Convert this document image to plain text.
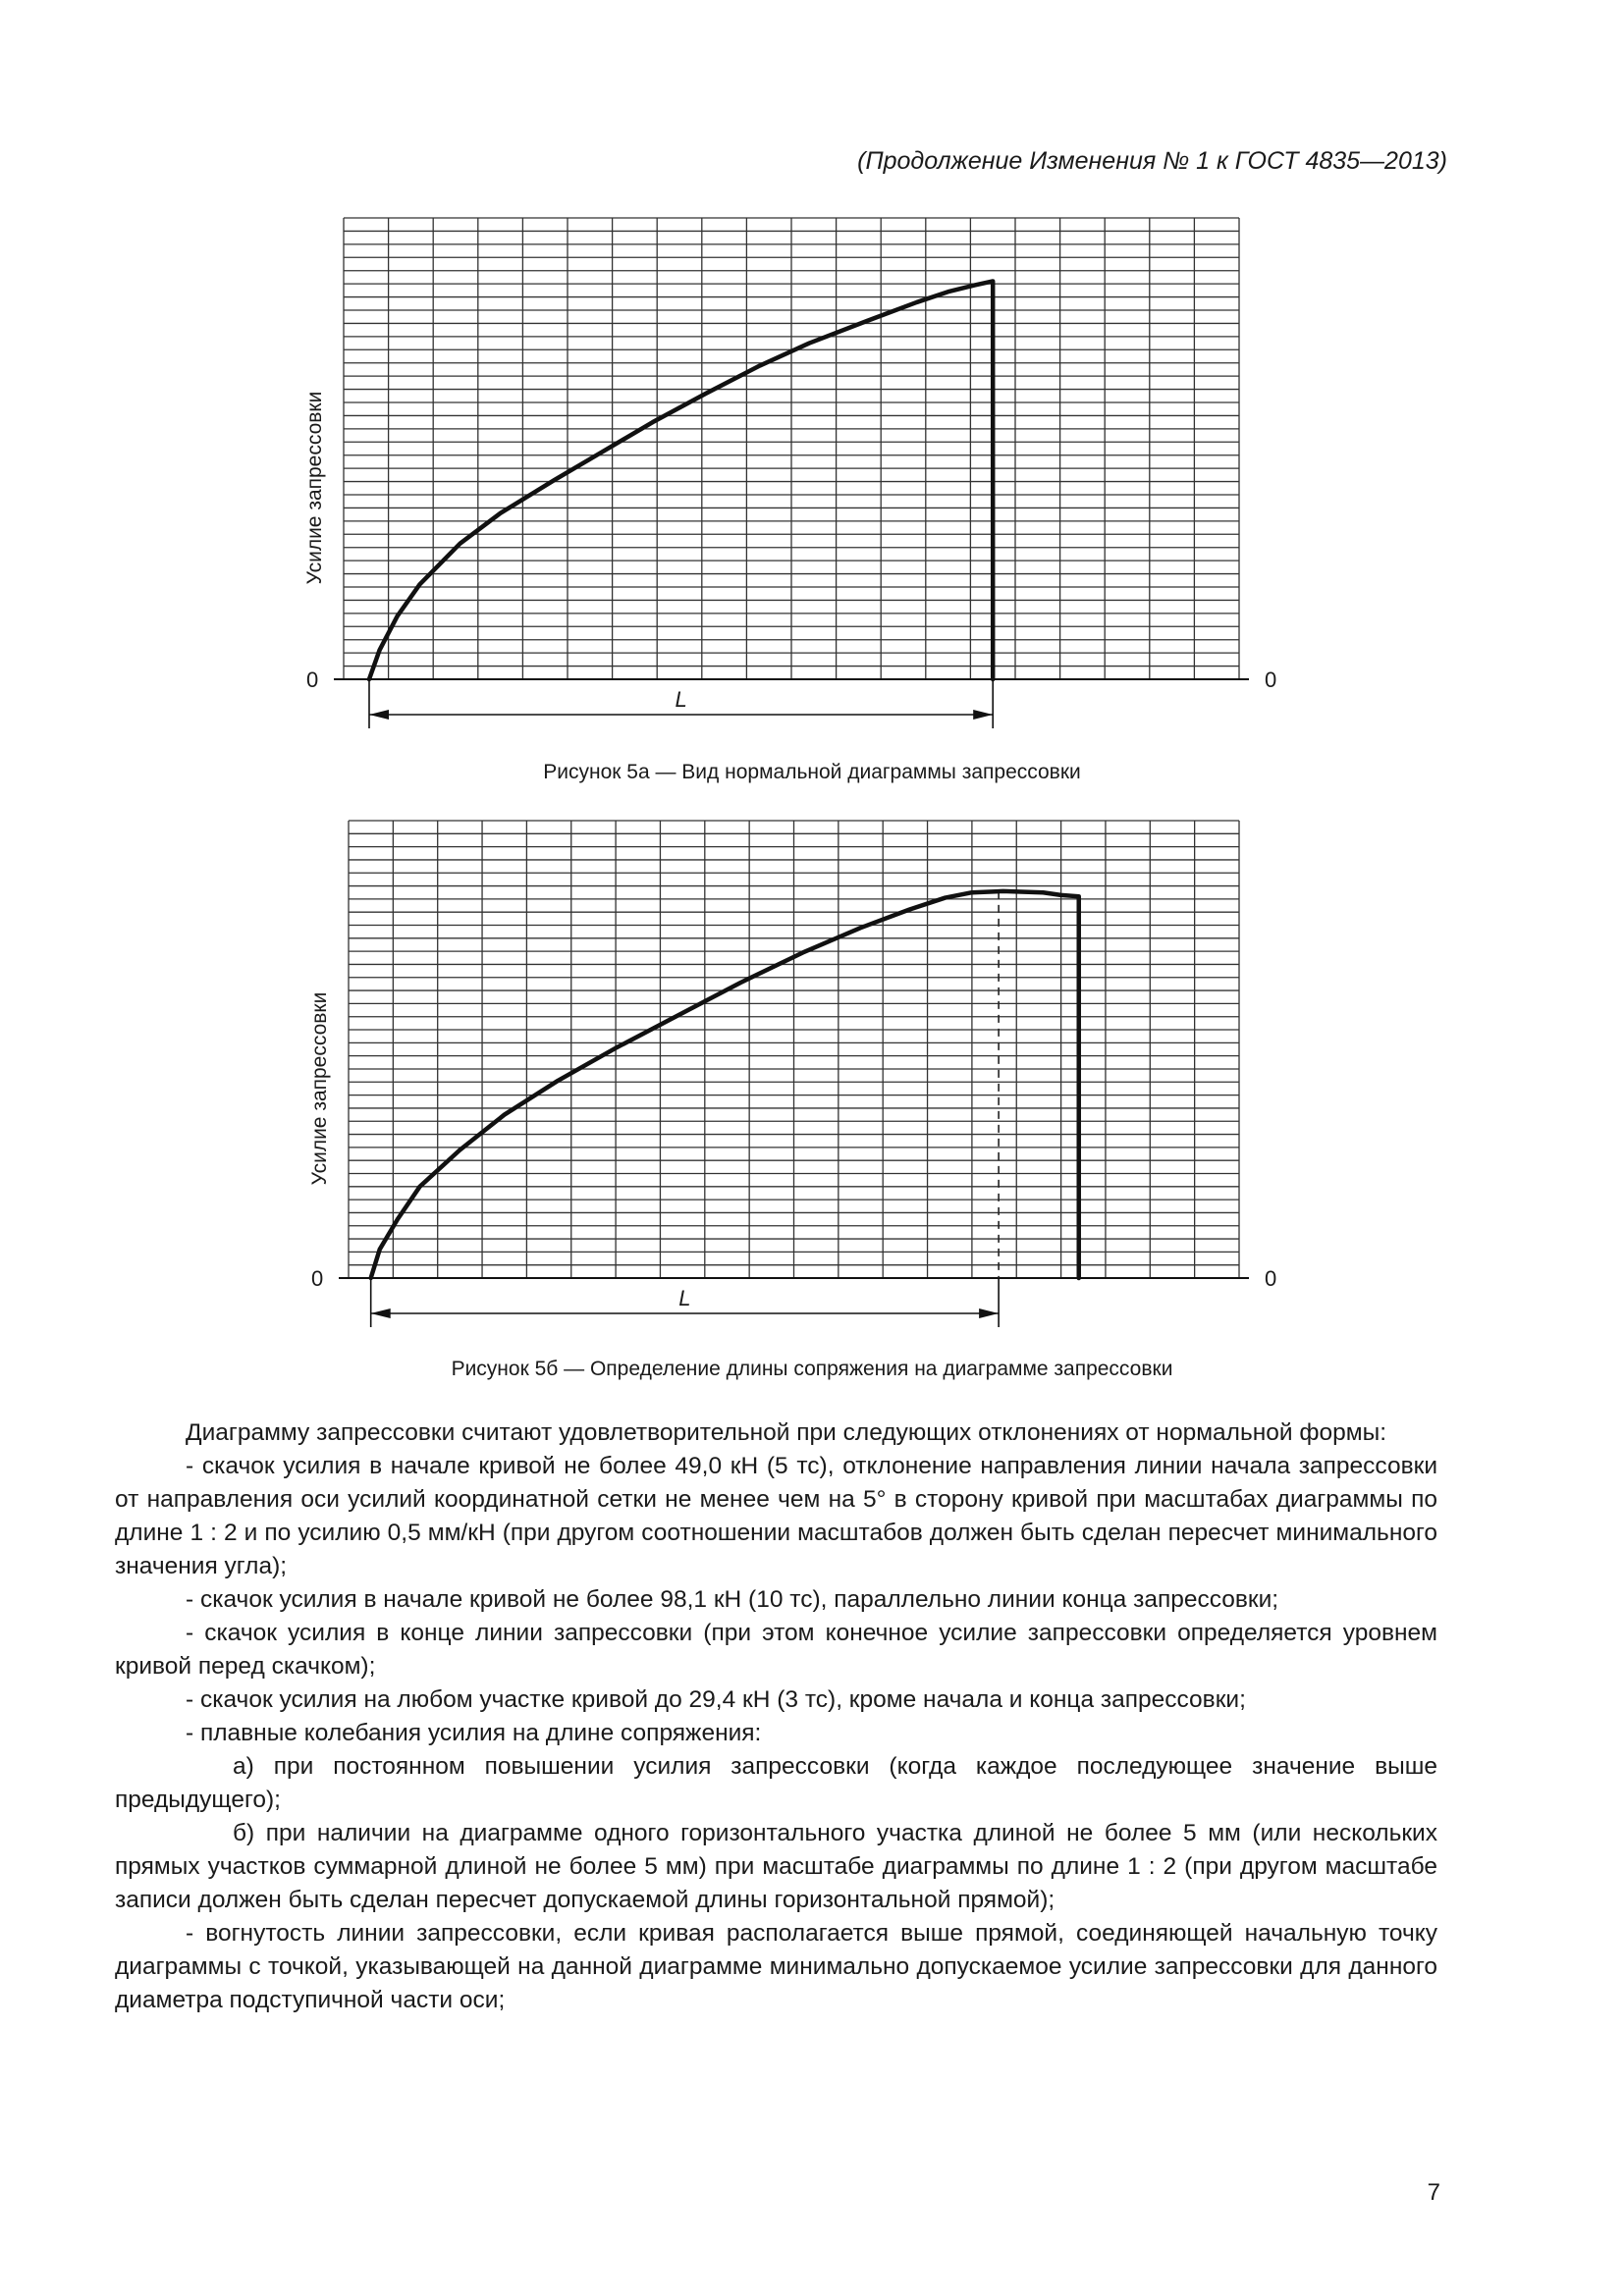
(Продолжение Изменения № 1 к ГОСТ 4835—2013)
Усилие запрессовки
0	0
L
Рисунок 5а — Вид нормальной диаграммы запрессовки
Усилие запрессовки
0	0
L
Рисунок 5б — Определение длины сопряжения на диаграмме запрессовки

Диаграмму запрессовки считают удовлетворительной при следующих отклонениях от нормальной формы:

- скачок усилия в начале кривой не более 49,0 кН (5 тс), отклонение направления линии начала запрессовки от направления оси усилий координатной сетки не менее чем на 5° в сторону кривой при масштабах диаграммы по длине 1 : 2 и по усилию 0,5 мм/кН (при другом соотношении масштабов должен быть сделан пересчет минимального значения угла);

- скачок усилия в начале кривой не более 98,1 кН (10 тс), параллельно линии конца запрессовки;

- скачок усилия в конце линии запрессовки (при этом конечное усилие запрессовки определяется уровнем кривой перед скачком);

- скачок усилия на любом участке кривой до 29,4 кН (3 тс), кроме начала и конца запрессовки;

- плавные колебания усилия на длине сопряжения:

а) при постоянном повышении усилия запрессовки (когда каждое последующее значение выше предыдущего);

б) при наличии на диаграмме одного горизонтального участка длиной не более 5 мм (или нескольких прямых участков суммарной длиной не более 5 мм) при масштабе диаграммы по длине 1 : 2 (при другом масштабе записи должен быть сделан пересчет допускаемой длины горизонтальной прямой);

- вогнутость линии запрессовки, если кривая располагается выше прямой, соединяющей начальную точку диаграммы с точкой, указывающей на данной диаграмме минимально допускаемое усилие запрессовки для данного диаметра подступичной части оси;

7
